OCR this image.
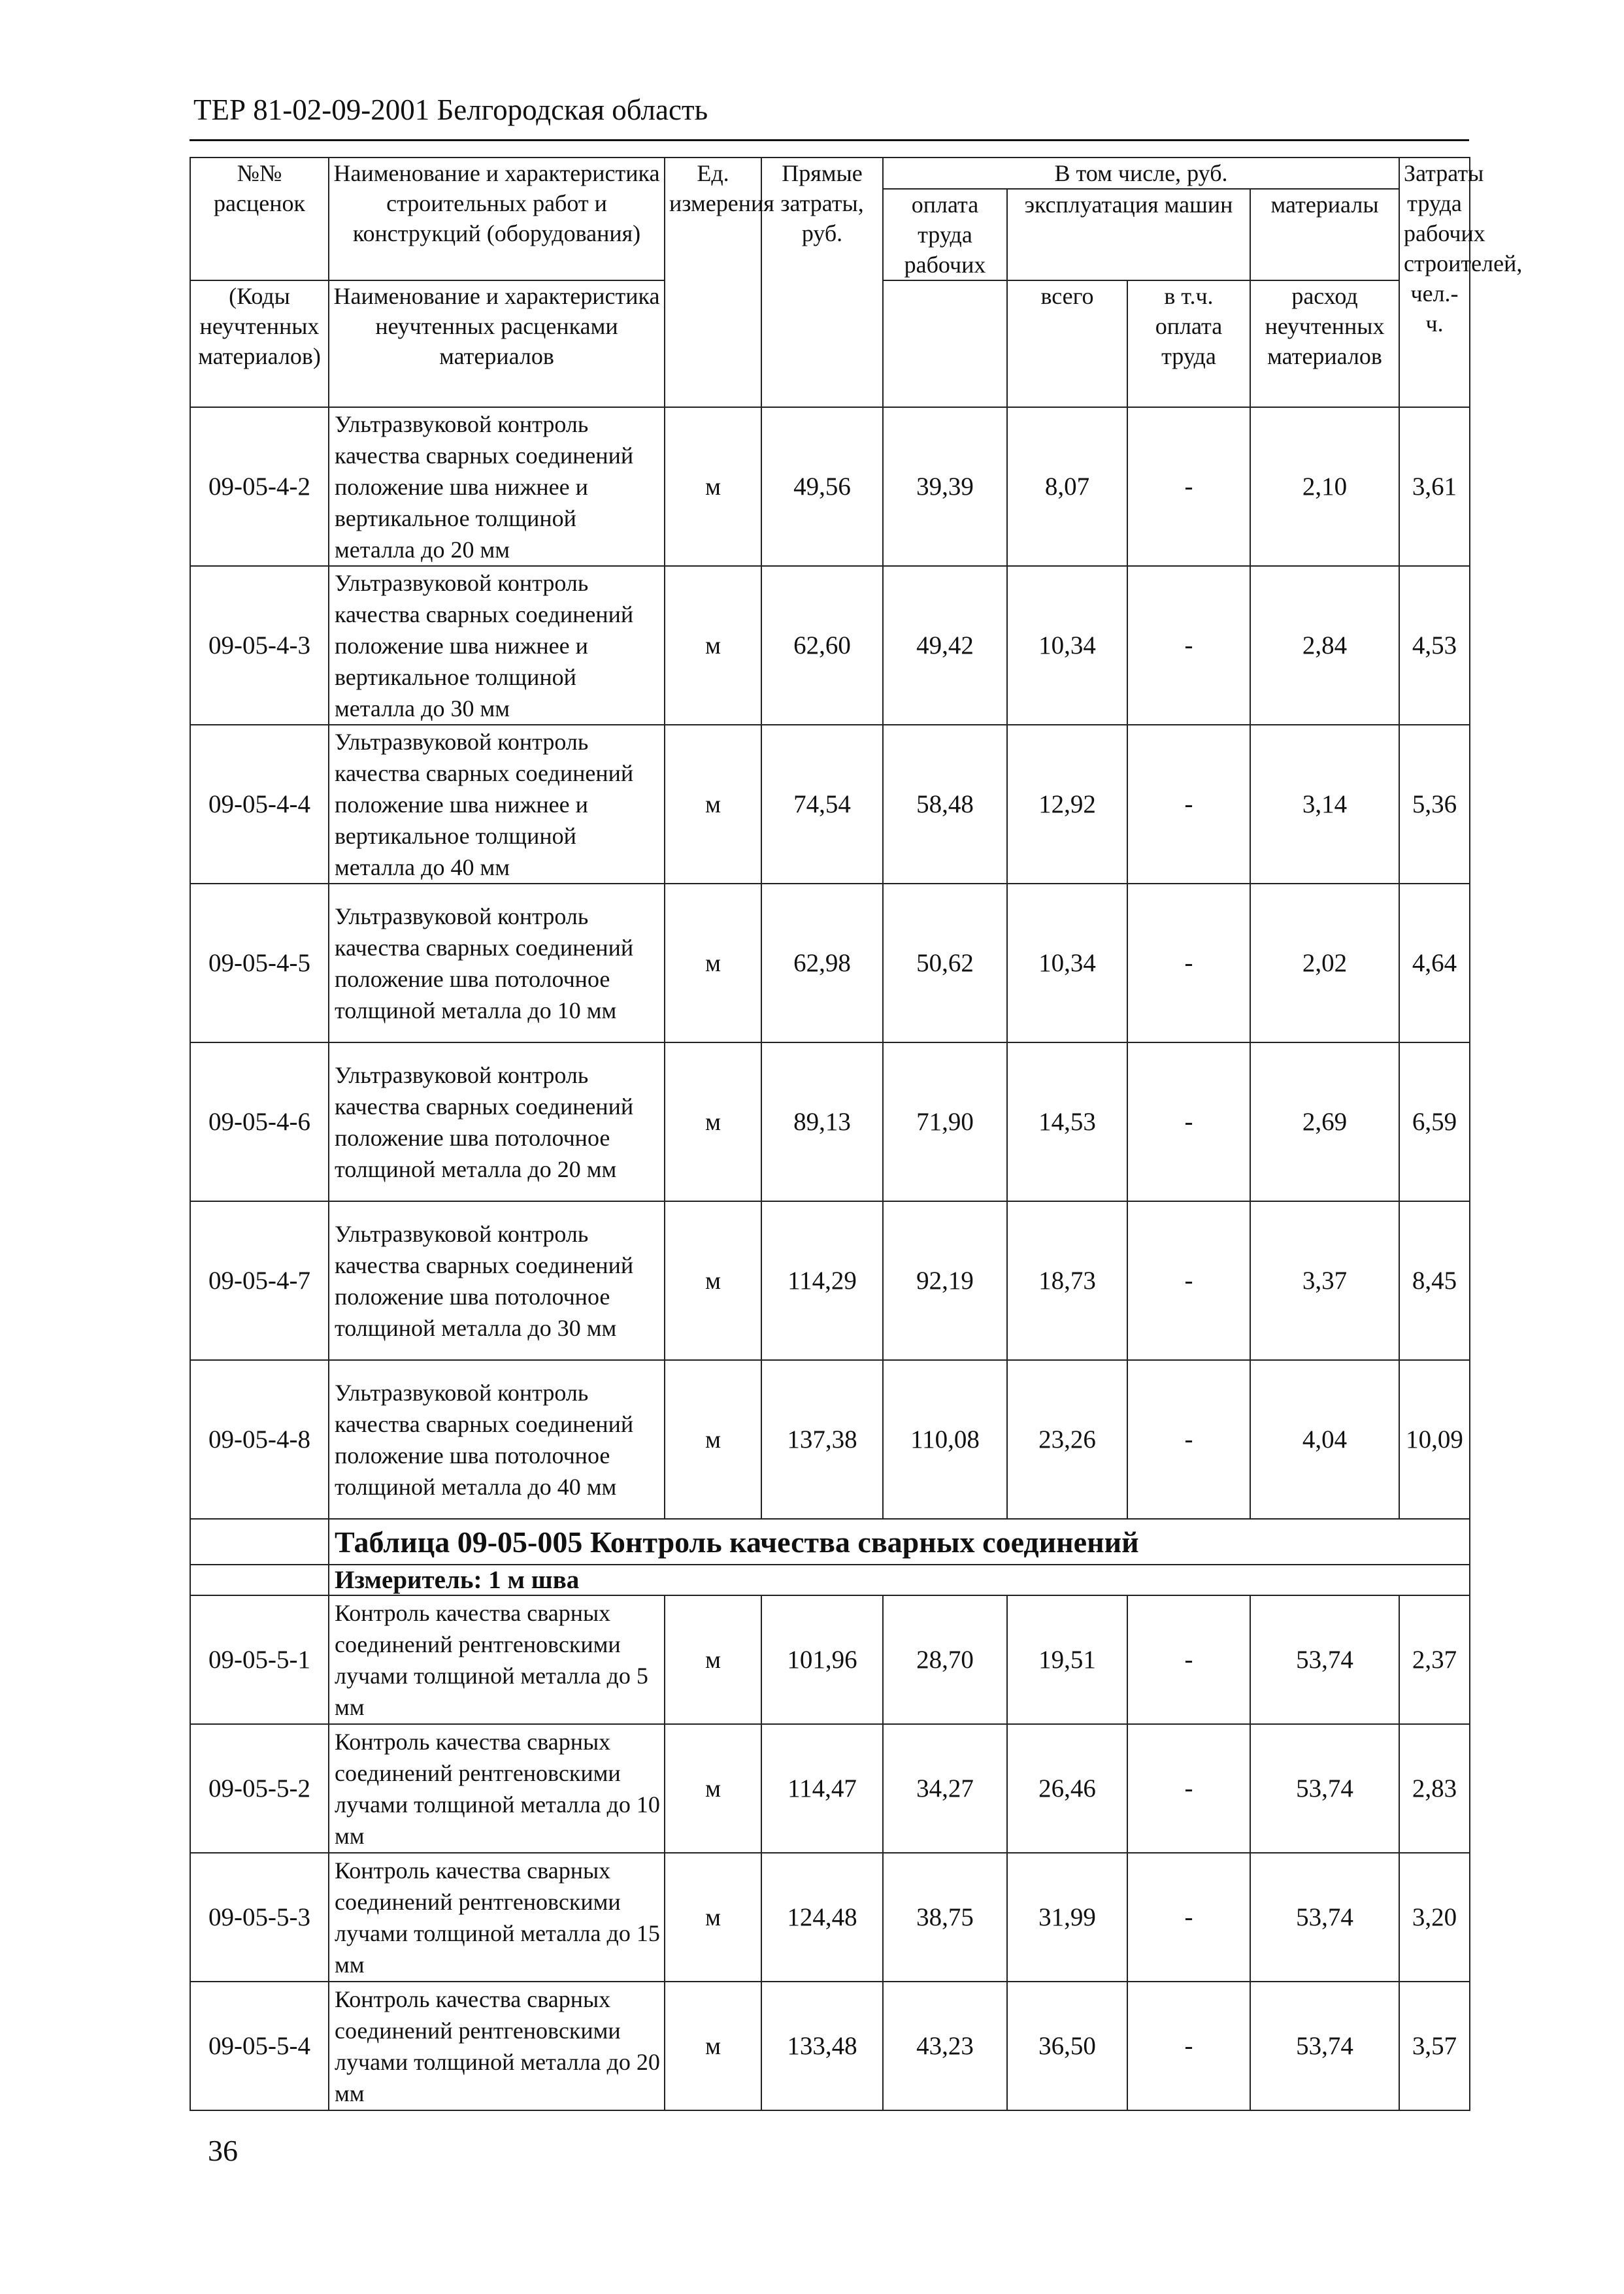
ТЕР 81-02-09-2001 Белгородская область
№№ расценок	Наименование и характеристика строительных работ и конструкций (оборудования)	Ед. измерения	Прямые затраты, руб.	В том числе, руб.				Затраты труда рабочих строителей, чел.-ч.
				оплата труда рабочих	эксплуатация машин		материалы	

(Коды неучтенных материалов)	Наименование и характеристика неучтенных расценками материалов				всего	в т.ч. оплата труда	расход неучтенных материалов	

09-05-4-2	Ультразвуковой контроль качества сварных соединений положение шва нижнее и вертикальное толщиной металла до 20 мм	м	49,56	39,39	8,07	-	2,10	3,61
09-05-4-3	Ультразвуковой контроль качества сварных соединений положение шва нижнее и вертикальное толщиной металла до 30 мм	м	62,60	49,42	10,34	-	2,84	4,53
09-05-4-4	Ультразвуковой контроль качества сварных соединений положение шва нижнее и вертикальное толщиной металла до 40 мм	м	74,54	58,48	12,92	-	3,14	5,36
09-05-4-5	Ультразвуковой контроль качества сварных соединений положение шва потолочное толщиной металла до 10 мм	м	62,98	50,62	10,34	-	2,02	4,64
09-05-4-6	Ультразвуковой контроль качества сварных соединений положение шва потолочное толщиной металла до 20 мм	м	89,13	71,90	14,53	-	2,69	6,59
09-05-4-7	Ультразвуковой контроль качества сварных соединений положение шва потолочное толщиной металла до 30 мм	м	114,29	92,19	18,73	-	3,37	8,45
09-05-4-8	Ультразвуковой контроль качества сварных соединений положение шва потолочное толщиной металла до 40 мм	м	137,38	110,08	23,26	-	4,04	10,09
	Таблица 09-05-005 Контроль качества сварных соединений							
	Измеритель: 1 м шва							
09-05-5-1	Контроль качества сварных соединений рентгеновскими лучами толщиной металла до 5 мм	м	101,96	28,70	19,51	-	53,74	2,37
09-05-5-2	Контроль качества сварных соединений рентгеновскими лучами толщиной металла до 10 мм	м	114,47	34,27	26,46	-	53,74	2,83
09-05-5-3	Контроль качества сварных соединений рентгеновскими лучами толщиной металла до 15 мм	м	124,48	38,75	31,99	-	53,74	3,20
09-05-5-4	Контроль качества сварных соединений рентгеновскими лучами толщиной металла до 20 мм	м	133,48	43,23	36,50	-	53,74	3,57
36
